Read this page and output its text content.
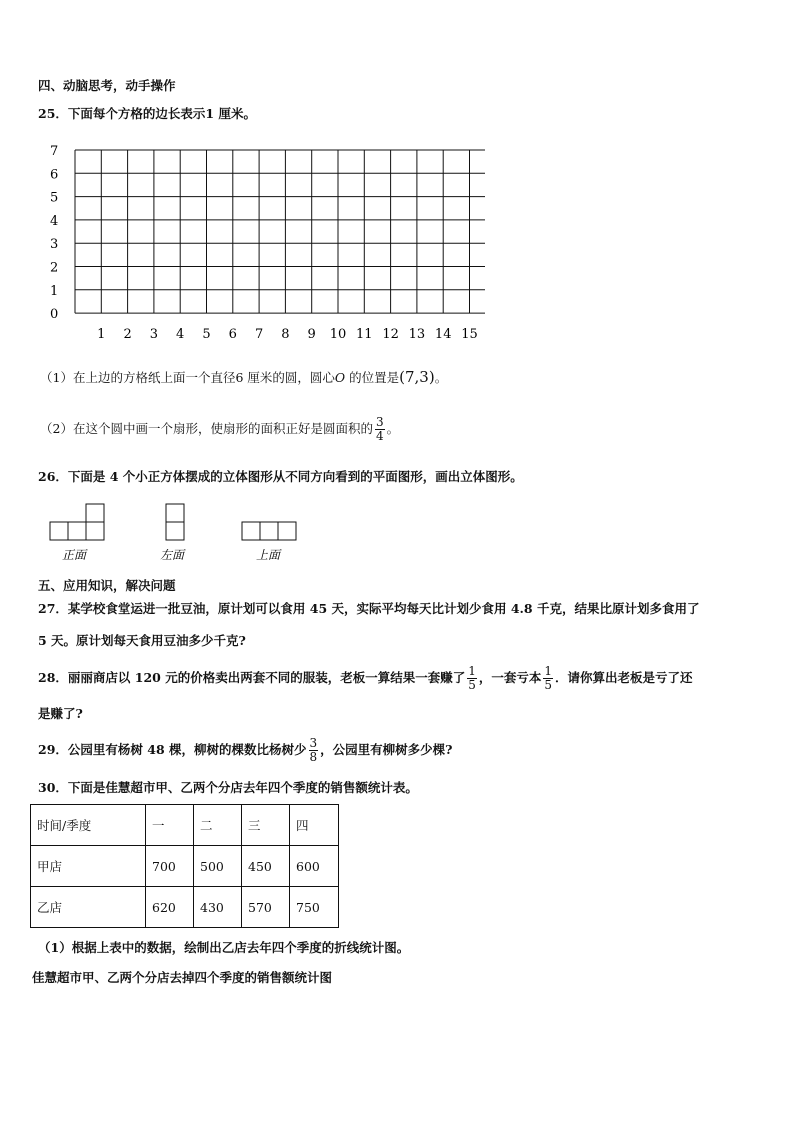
四、动脑思考，动手操作
25．下面每个方格的边长表示1 厘米。
7
6
5
4
3
2
1
0
1 2 3 4 5 6 7 8 9 10 11 12 13 14 15
（1）在上边的方格纸上面一个直径6 厘米的圆，圆心O 的位置是(7,3)。
（2）在这个圆中画一个扇形，使扇形的面积正好是圆面积的 $\frac{3}{4}$ 。
26．下面是 4 个小正方体摆成的立体图形从不同方向看到的平面图形，画出立体图形。
正面	左面	上面
五、应用知识，解决问题
27．某学校食堂运进一批豆油，原计划可以食用 45 天，实际平均每天比计划少食用 4.8 千克，结果比原计划多食用了
5 天。原计划每天食用豆油多少千克?
28．丽丽商店以 120 元的价格卖出两套不同的服装，老板一算结果一套赚了 $\frac{1}{5}$ ，一套亏本 $\frac{1}{5}$ ．请你算出老板是亏了还
是赚了?
29．公园里有杨树 48 棵，柳树的棵数比杨树少 $\frac{3}{8}$ ，公园里有柳树多少棵?
30．下面是佳慧超市甲、乙两个分店去年四个季度的销售额统计表。
时间/季度	一	二	三	四
甲店	700	500	450	600
乙店	620	430	570	750
（1）根据上表中的数据，绘制出乙店去年四个季度的折线统计图。
佳慧超市甲、乙两个分店去掉四个季度的销售额统计图
